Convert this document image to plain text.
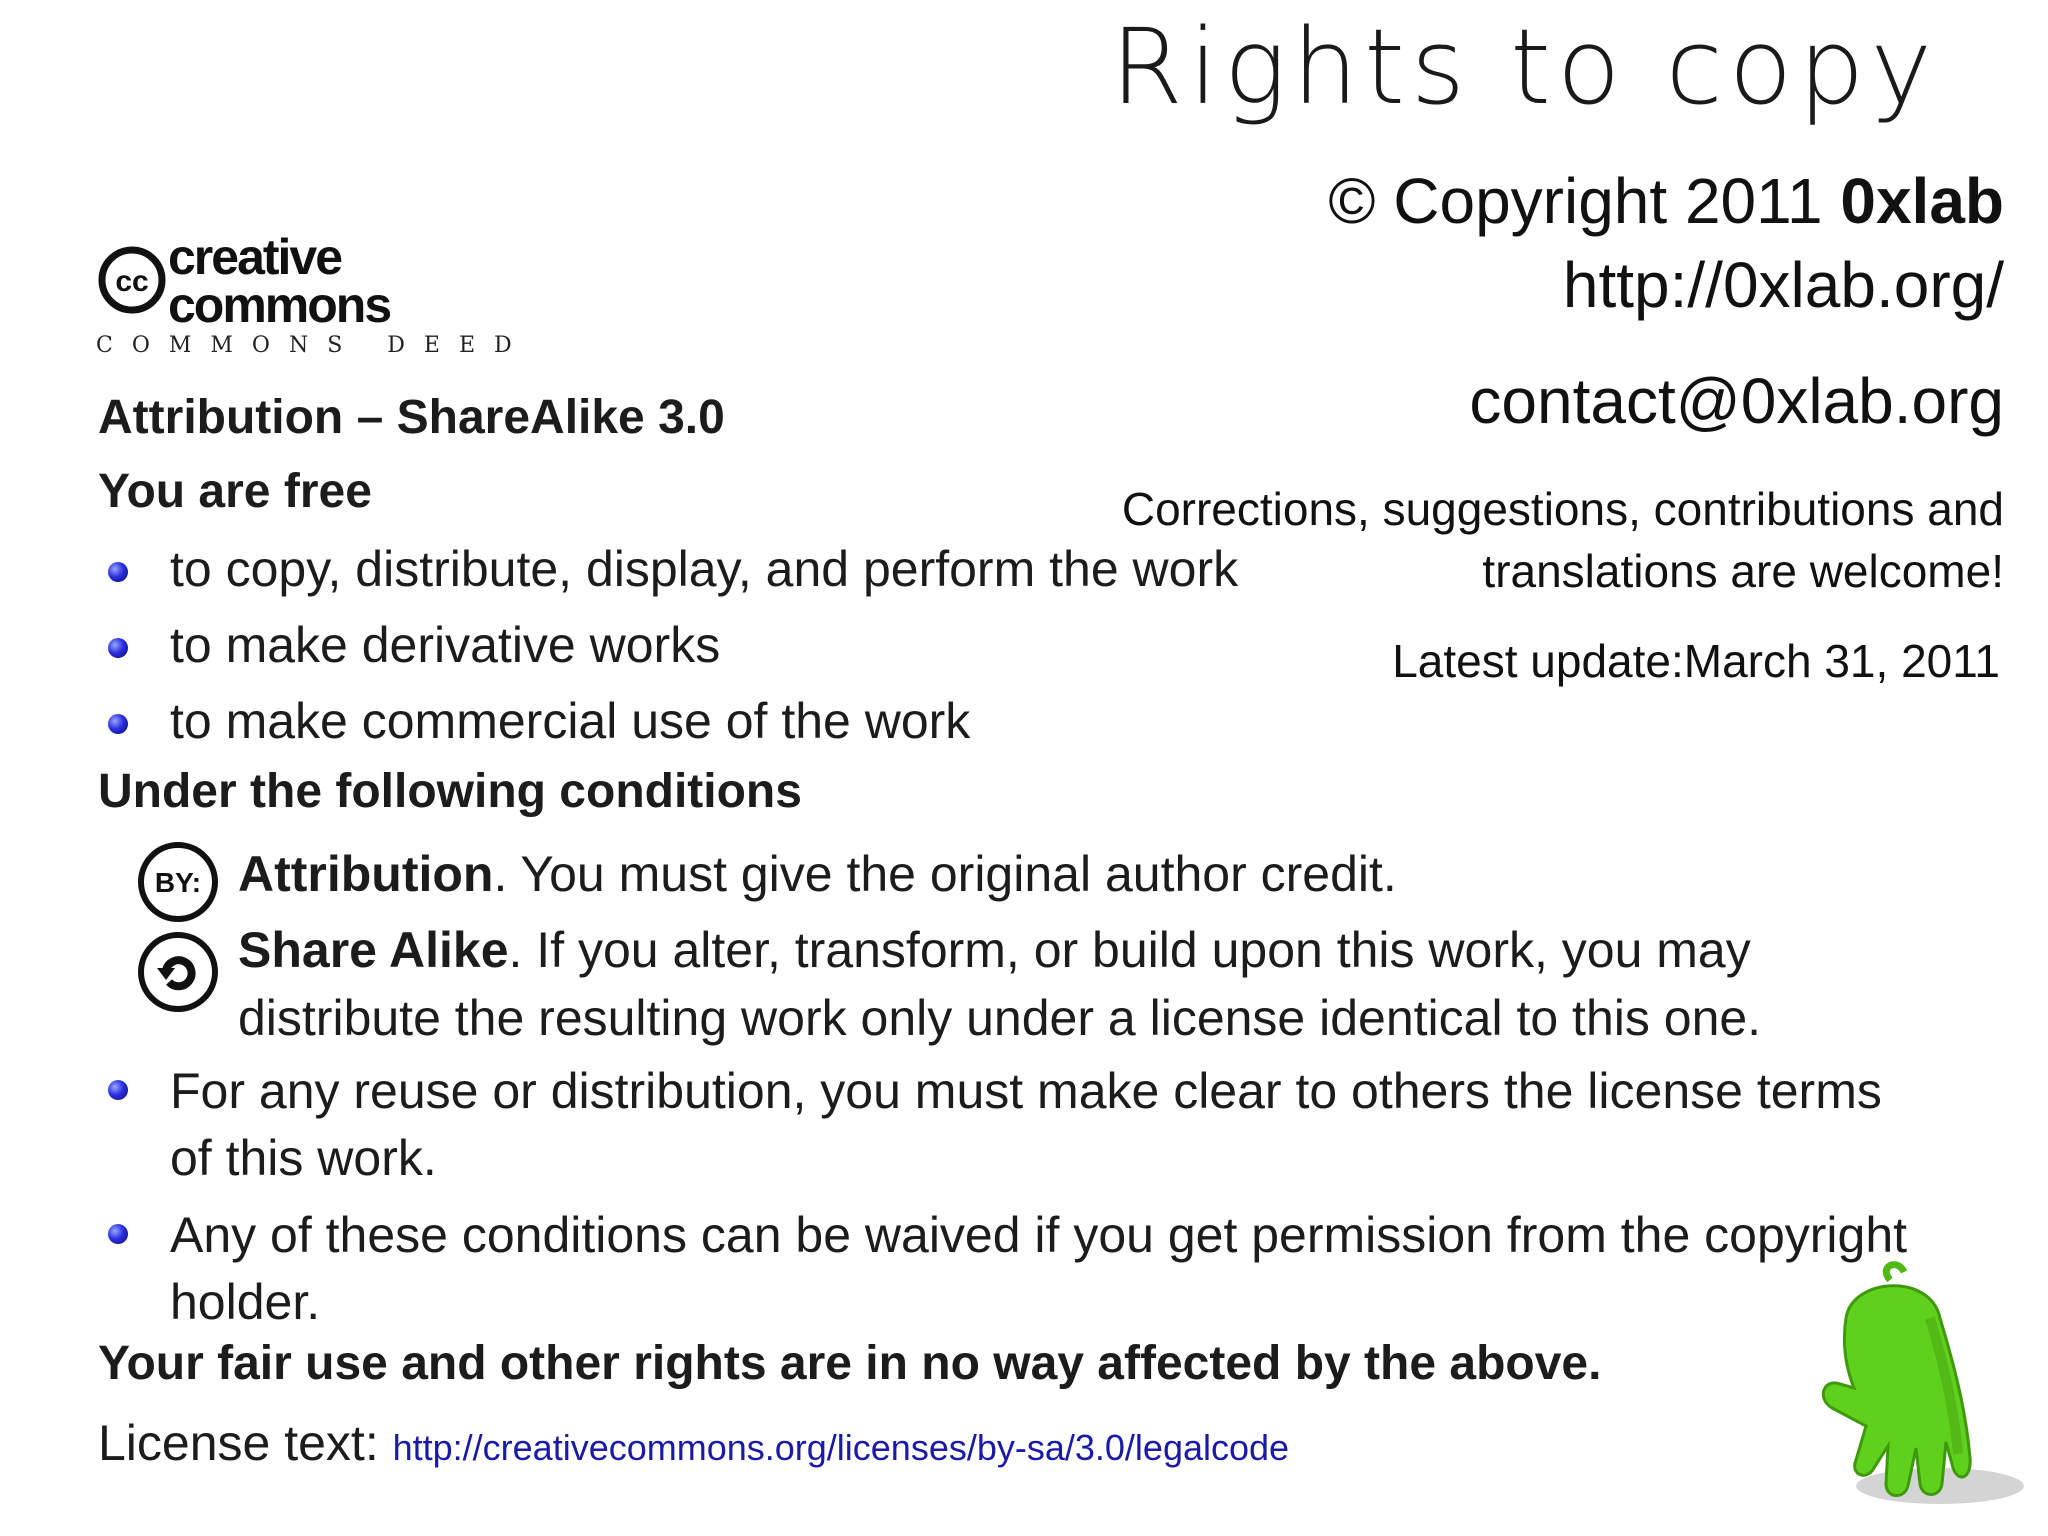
Rights to copy
© Copyright 2011 0xlab
http://0xlab.org/
contact@0xlab.org
Corrections, suggestions, contributions and
translations are welcome!
Latest update:March 31, 2011
cc creative
commons
COMMONS DEED
Attribution – ShareAlike 3.0
You are free
to copy, distribute, display, and perform the work
to make derivative works
to make commercial use of the work
Under the following conditions
BY: Attribution. You must give the original author credit.
Share Alike. If you alter, transform, or build upon this work, you may
distribute the resulting work only under a license identical to this one.
For any reuse or distribution, you must make clear to others the license terms
of this work.
Any of these conditions can be waived if you get permission from the copyright
holder.
Your fair use and other rights are in no way affected by the above.
License text: http://creativecommons.org/licenses/by-sa/3.0/legalcode
